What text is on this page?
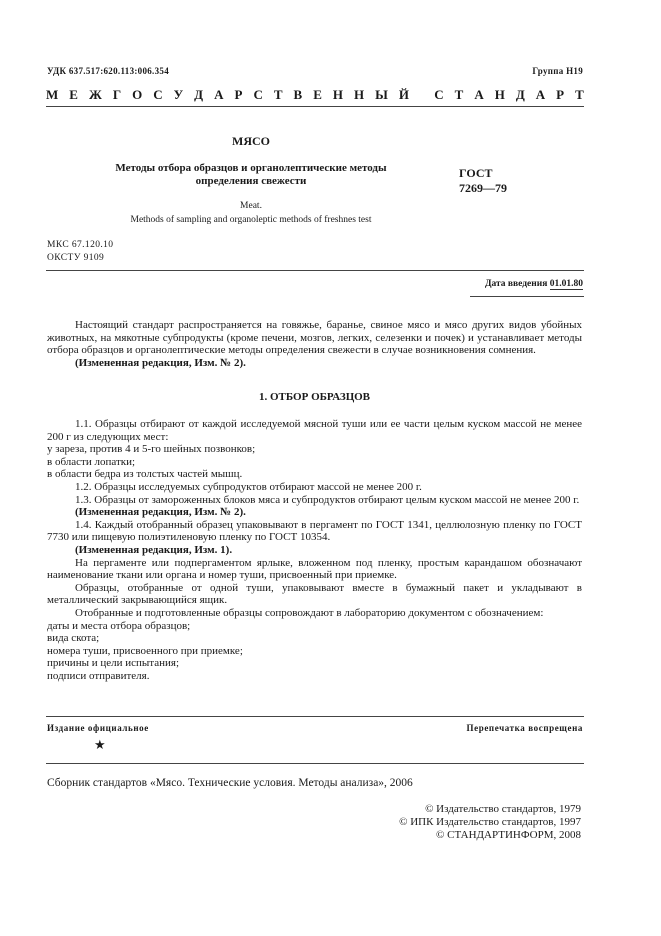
УДК 637.517:620.113:006.354	Группа Н19
М Е Ж Г О С У Д А Р С Т В Е Н Н Ы Й
С Т А Н Д А Р Т
МЯСО
Методы отбора образцов и органолептические методы
определения свежести
Meat.
Methods of sampling and organoleptic methods of freshnes test
ГОСТ
7269—79
МКС 67.120.10
ОКСТУ 9109
Дата введения 01.01.80

Настоящий стандарт распространяется на говяжье, баранье, свиное мясо и мясо других видов убойных животных, на мякотные субпродукты (кроме печени, мозгов, легких, селезенки и почек) и устанавливает методы отбора образцов и органолептические методы определения свежести в случае возникновения сомнения.

(Измененная редакция, Изм. № 2).

1. ОТБОР ОБРАЗЦОВ

1.1. Образцы отбирают от каждой исследуемой мясной туши или ее части целым куском массой не менее 200 г из следующих мест:

у зареза, против 4 и 5-го шейных позвонков;

в области лопатки;

в области бедра из толстых частей мышц.

1.2. Образцы исследуемых субпродуктов отбирают массой не менее 200 г.

1.3. Образцы от замороженных блоков мяса и субпродуктов отбирают целым куском массой не менее 200 г.

(Измененная редакция, Изм. № 2).

1.4. Каждый отобранный образец упаковывают в пергамент по ГОСТ 1341, целлюлозную пленку по ГОСТ 7730 или пищевую полиэтиленовую пленку по ГОСТ 10354.

(Измененная редакция, Изм. 1).

На пергаменте или подпергаментом ярлыке, вложенном под пленку, простым карандашом обозначают наименование ткани или органа и номер туши, присвоенный при приемке.

Образцы, отобранные от одной туши, упаковывают вместе в бумажный пакет и укладывают в металлический закрывающийся ящик.

Отобранные и подготовленные образцы сопровождают в лабораторию документом с обозначением:

даты и места отбора образцов;

вида скота;

номера туши, присвоенного при приемке;

причины и цели испытания;

подписи отправителя.

Издание официальное	Перепечатка воспрещена
★
Сборник стандартов «Мясо. Технические условия. Методы анализа», 2006
© Издательство стандартов, 1979
© ИПК Издательство стандартов, 1997
© СТАНДАРТИНФОРМ, 2008
